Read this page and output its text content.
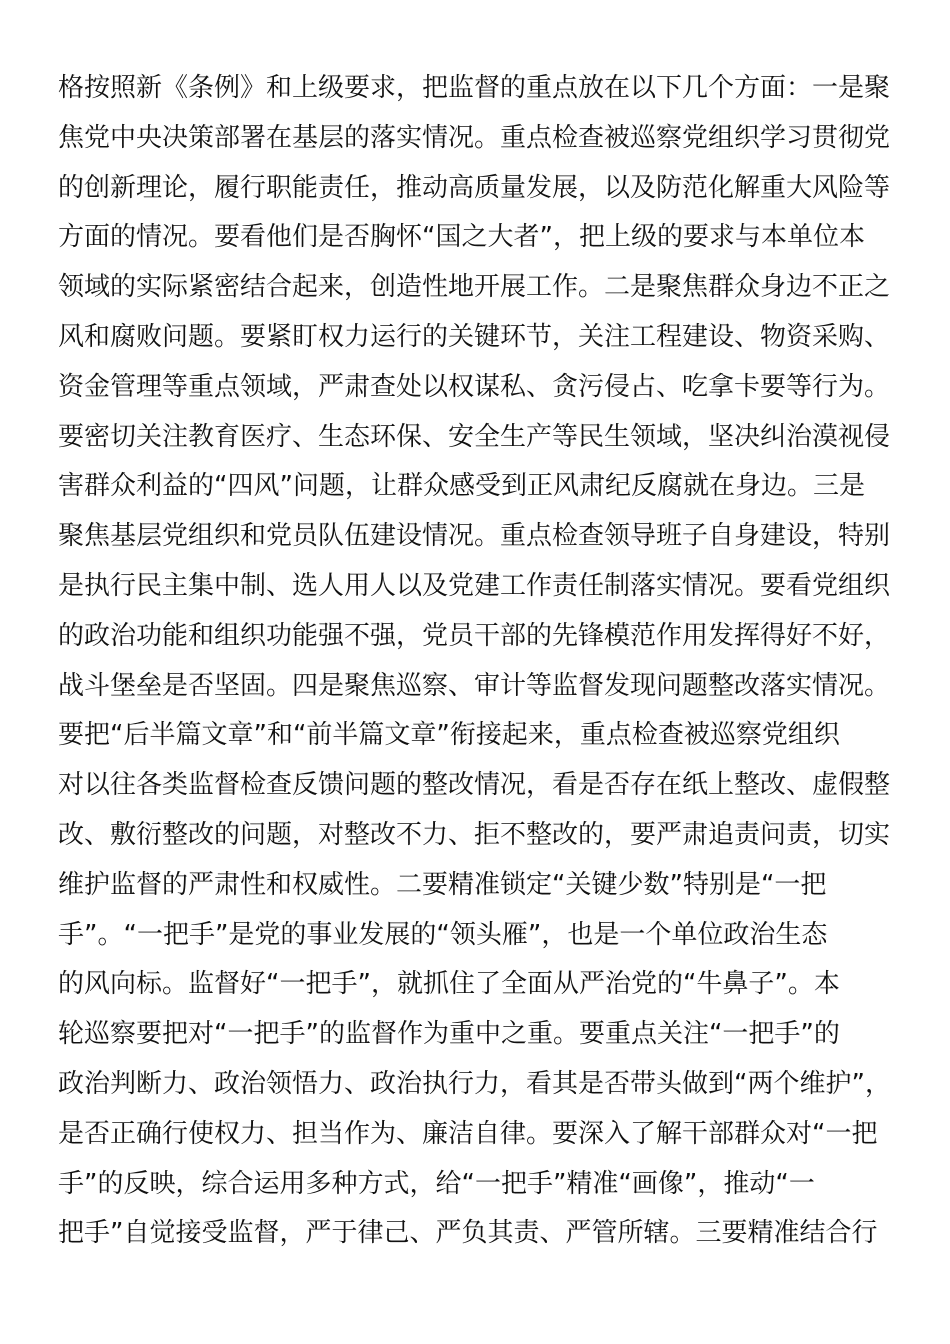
格按照新《条例》和上级要求，把监督的重点放在以下几个方面：一是聚
焦党中央决策部署在基层的落实情况。重点检查被巡察党组织学习贯彻党
的创新理论，履行职能责任，推动高质量发展，以及防范化解重大风险等
方面的情况。要看他们是否胸怀“国之大者”，把上级的要求与本单位本
领域的实际紧密结合起来，创造性地开展工作。二是聚焦群众身边不正之
风和腐败问题。要紧盯权力运行的关键环节，关注工程建设、物资采购、
资金管理等重点领域，严肃查处以权谋私、贪污侵占、吃拿卡要等行为。
要密切关注教育医疗、生态环保、安全生产等民生领域，坚决纠治漠视侵
害群众利益的“四风”问题，让群众感受到正风肃纪反腐就在身边。三是
聚焦基层党组织和党员队伍建设情况。重点检查领导班子自身建设，特别
是执行民主集中制、选人用人以及党建工作责任制落实情况。要看党组织
的政治功能和组织功能强不强，党员干部的先锋模范作用发挥得好不好，
战斗堡垒是否坚固。四是聚焦巡察、审计等监督发现问题整改落实情况。
要把“后半篇文章”和“前半篇文章”衔接起来，重点检查被巡察党组织
对以往各类监督检查反馈问题的整改情况，看是否存在纸上整改、虚假整
改、敷衍整改的问题，对整改不力、拒不整改的，要严肃追责问责，切实
维护监督的严肃性和权威性。二要精准锁定“关键少数”特别是“一把
手”。“一把手”是党的事业发展的“领头雁”，也是一个单位政治生态
的风向标。监督好“一把手”，就抓住了全面从严治党的“牛鼻子”。本
轮巡察要把对“一把手”的监督作为重中之重。要重点关注“一把手”的
政治判断力、政治领悟力、政治执行力，看其是否带头做到“两个维护”，
是否正确行使权力、担当作为、廉洁自律。要深入了解干部群众对“一把
手”的反映，综合运用多种方式，给“一把手”精准“画像”，推动“一
把手”自觉接受监督，严于律己、严负其责、严管所辖。三要精准结合行
